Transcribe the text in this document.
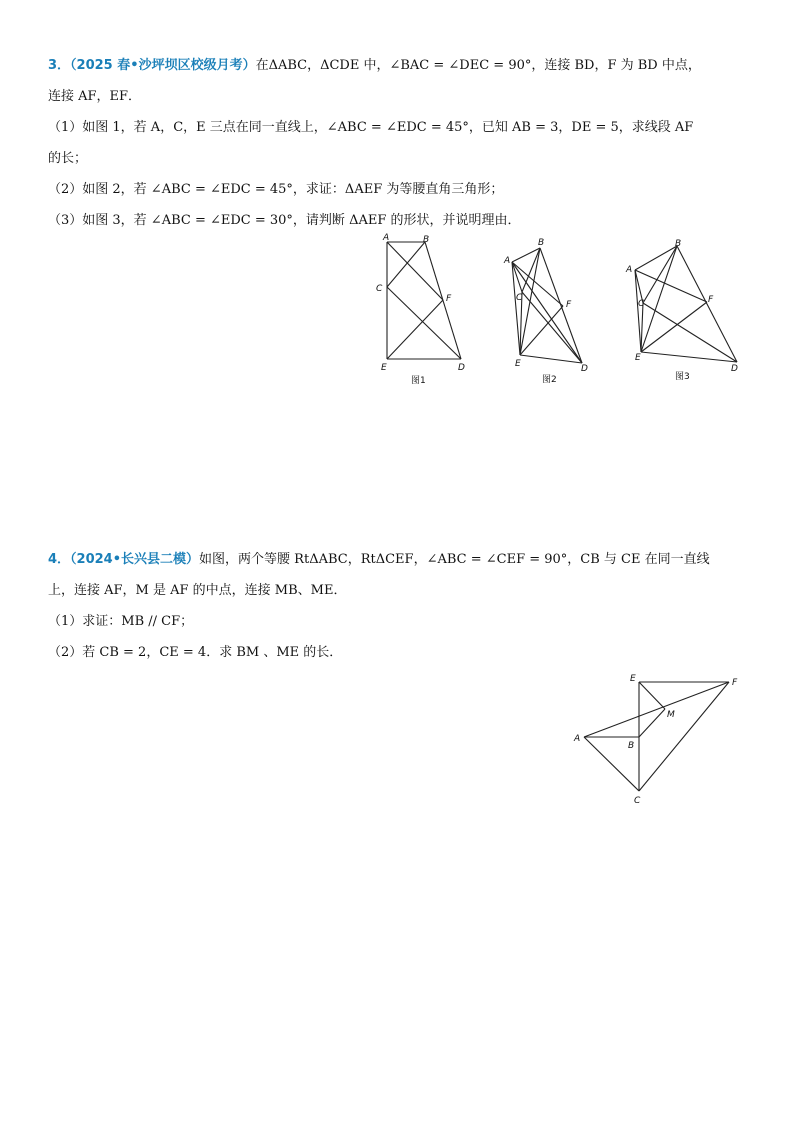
3．（2025 春•沙坪坝区校级月考）在ΔABC，ΔCDE 中，∠BAC = ∠DEC = 90°，连接 BD，F 为 BD 中点，
连接 AF，EF．
（1）如图 1，若 A，C，E 三点在同一直线上，∠ABC = ∠EDC = 45°，已知 AB = 3，DE = 5，求线段 AF
的长；
（2）如图 2，若 ∠ABC = ∠EDC = 45°，求证：ΔAEF 为等腰直角三角形；
（3）如图 3，若 ∠ABC = ∠EDC = 30°，请判断 ΔAEF 的形状，并说明理由．
A	B
C
F
E	D
图1
A
B
C
F
E	D
图2
A
B
C	F
E
D
图3
4．（2024•长兴县二模）如图，两个等腰 RtΔABC，RtΔCEF，∠ABC = ∠CEF = 90°，CB 与 CE 在同一直线
上，连接 AF，M 是 AF 的中点，连接 MB、ME．
（1）求证：MB // CF；
（2）若 CB = 2，CE = 4．求 BM 、ME 的长．
E	F
M
A
B
C
